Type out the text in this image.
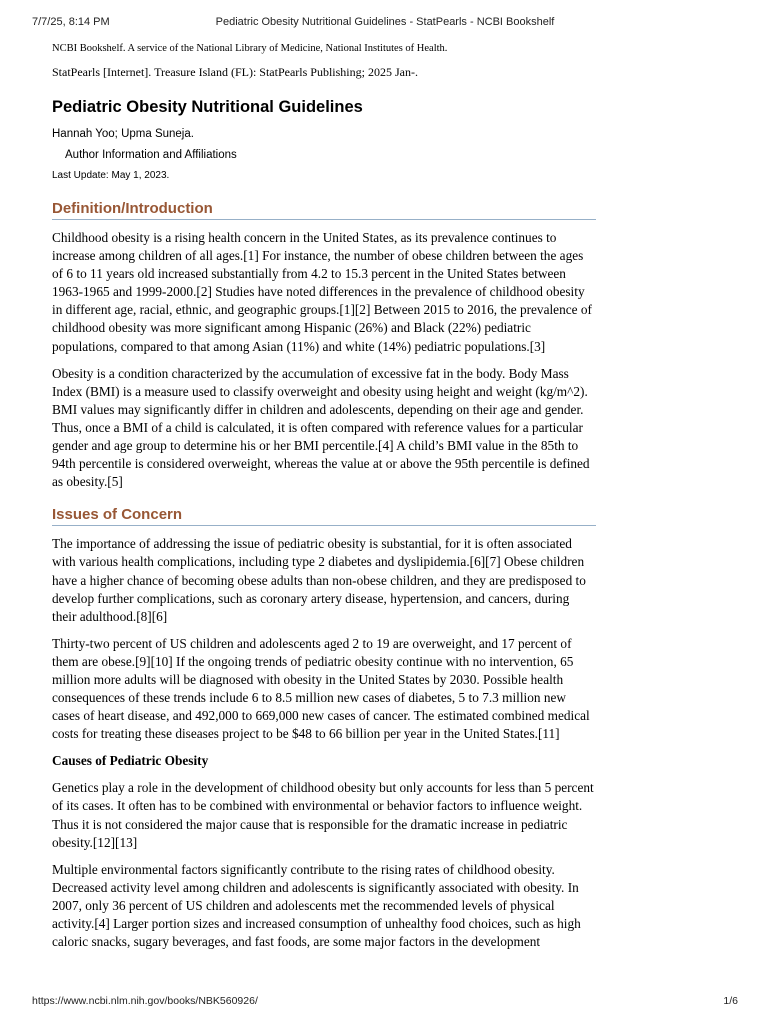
7/7/25, 8:14 PM	Pediatric Obesity Nutritional Guidelines - StatPearls - NCBI Bookshelf

NCBI Bookshelf. A service of the National Library of Medicine, National Institutes of Health.

StatPearls [Internet]. Treasure Island (FL): StatPearls Publishing; 2025 Jan-.

Pediatric Obesity Nutritional Guidelines

Hannah Yoo; Upma Suneja.

Author Information and Affiliations

Last Update: May 1, 2023.

Definition/Introduction

Childhood obesity is a rising health concern in the United States, as its prevalence continues to increase among children of all ages.[1] For instance, the number of obese children between the ages of 6 to 11 years old increased substantially from 4.2 to 15.3 percent in the United States between 1963-1965 and 1999-2000.[2] Studies have noted differences in the prevalence of childhood obesity in different age, racial, ethnic, and geographic groups.[1][2] Between 2015 to 2016, the prevalence of childhood obesity was more significant among Hispanic (26%) and Black (22%) pediatric populations, compared to that among Asian (11%) and white (14%) pediatric populations.[3]

Obesity is a condition characterized by the accumulation of excessive fat in the body. Body Mass Index (BMI) is a measure used to classify overweight and obesity using height and weight (kg/m^2). BMI values may significantly differ in children and adolescents, depending on their age and gender. Thus, once a BMI of a child is calculated, it is often compared with reference values for a particular gender and age group to determine his or her BMI percentile.[4] A child’s BMI value in the 85th to 94th percentile is considered overweight, whereas the value at or above the 95th percentile is defined as obesity.[5]

Issues of Concern

The importance of addressing the issue of pediatric obesity is substantial, for it is often associated with various health complications, including type 2 diabetes and dyslipidemia.[6][7] Obese children have a higher chance of becoming obese adults than non-obese children, and they are predisposed to develop further complications, such as coronary artery disease, hypertension, and cancers, during their adulthood.[8][6]

Thirty-two percent of US children and adolescents aged 2 to 19 are overweight, and 17 percent of them are obese.[9][10] If the ongoing trends of pediatric obesity continue with no intervention, 65 million more adults will be diagnosed with obesity in the United States by 2030. Possible health consequences of these trends include 6 to 8.5 million new cases of diabetes, 5 to 7.3 million new cases of heart disease, and 492,000 to 669,000 new cases of cancer. The estimated combined medical costs for treating these diseases project to be $48 to 66 billion per year in the United States.[11]

Causes of Pediatric Obesity

Genetics play a role in the development of childhood obesity but only accounts for less than 5 percent of its cases. It often has to be combined with environmental or behavior factors to influence weight. Thus it is not considered the major cause that is responsible for the dramatic increase in pediatric obesity.[12][13]

Multiple environmental factors significantly contribute to the rising rates of childhood obesity. Decreased activity level among children and adolescents is significantly associated with obesity. In 2007, only 36 percent of US children and adolescents met the recommended levels of physical activity.[4] Larger portion sizes and increased consumption of unhealthy food choices, such as high caloric snacks, sugary beverages, and fast foods, are some major factors in the development

https://www.ncbi.nlm.nih.gov/books/NBK560926/	1/6
